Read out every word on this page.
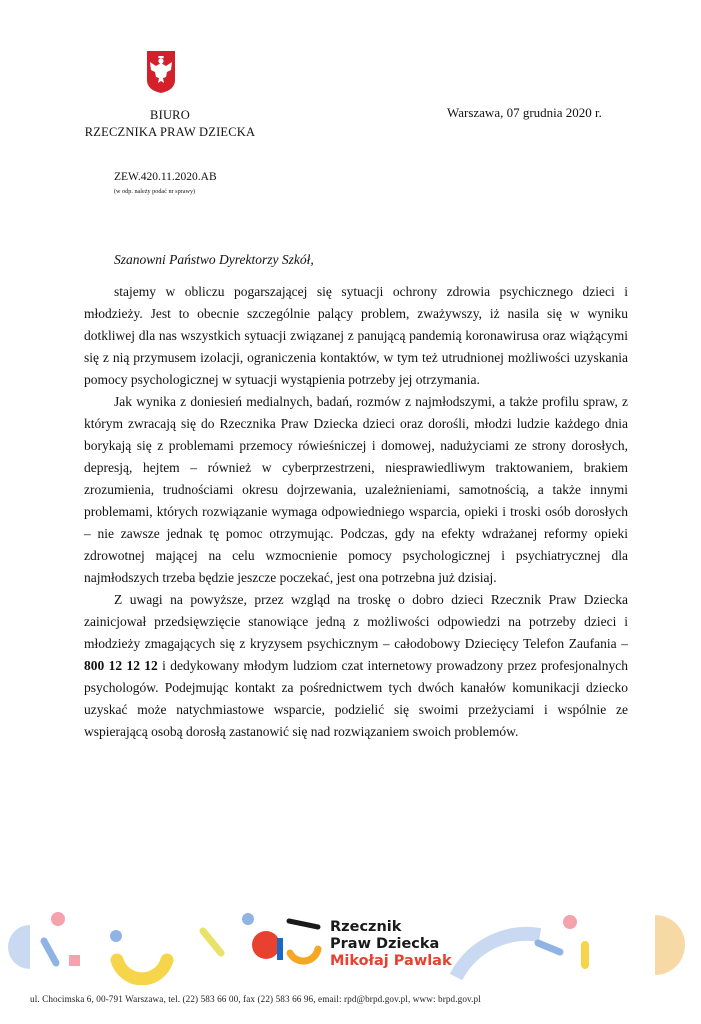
BIURO
RZECZNIKA PRAW DZIECKA
Warszawa, 07 grudnia 2020 r.
ZEW.420.11.2020.AB
(w odp. należy podać nr sprawy)
Szanowni Państwo Dyrektorzy Szkół,

stajemy w obliczu pogarszającej się sytuacji ochrony zdrowia psychicznego dzieci i młodzieży. Jest to obecnie szczególnie palący problem, zważywszy, iż nasila się w wyniku dotkliwej dla nas wszystkich sytuacji związanej z panującą pandemią koronawirusa oraz wiążącymi się z nią przymusem izolacji, ograniczenia kontaktów, w tym też utrudnionej możliwości uzyskania pomocy psychologicznej w sytuacji wystąpienia potrzeby jej otrzymania.

Jak wynika z doniesień medialnych, badań, rozmów z najmłodszymi, a także profilu spraw, z którym zwracają się do Rzecznika Praw Dziecka dzieci oraz dorośli, młodzi ludzie każdego dnia borykają się z problemami przemocy rówieśniczej i domowej, nadużyciami ze strony dorosłych, depresją, hejtem – również w cyberprzestrzeni, niesprawiedliwym traktowaniem, brakiem zrozumienia, trudnościami okresu dojrzewania, uzależnieniami, samotnością, a także innymi problemami, których rozwiązanie wymaga odpowiedniego wsparcia, opieki i troski osób dorosłych – nie zawsze jednak tę pomoc otrzymując. Podczas, gdy na efekty wdrażanej reformy opieki zdrowotnej mającej na celu wzmocnienie pomocy psychologicznej i psychiatrycznej dla najmłodszych trzeba będzie jeszcze poczekać, jest ona potrzebna już dzisiaj.

Z uwagi na powyższe, przez wzgląd na troskę o dobro dzieci Rzecznik Praw Dziecka zainicjował przedsięwzięcie stanowiące jedną z możliwości odpowiedzi na potrzeby dzieci i młodzieży zmagających się z kryzysem psychicznym – całodobowy Dziecięcy Telefon Zaufania – 800 12 12 12 i dedykowany młodym ludziom czat internetowy prowadzony przez profesjonalnych psychologów. Podejmując kontakt za pośrednictwem tych dwóch kanałów komunikacji dziecko uzyskać może natychmiastowe wsparcie, podzielić się swoimi przeżyciami i wspólnie ze wspierającą osobą dorosłą zastanowić się nad rozwiązaniem swoich problemów.

Rzecznik
Praw Dziecka
Mikołaj Pawlak
ul. Chocimska 6, 00-791 Warszawa, tel. (22) 583 66 00, fax (22) 583 66 96, email: rpd@brpd.gov.pl, www: brpd.gov.pl
